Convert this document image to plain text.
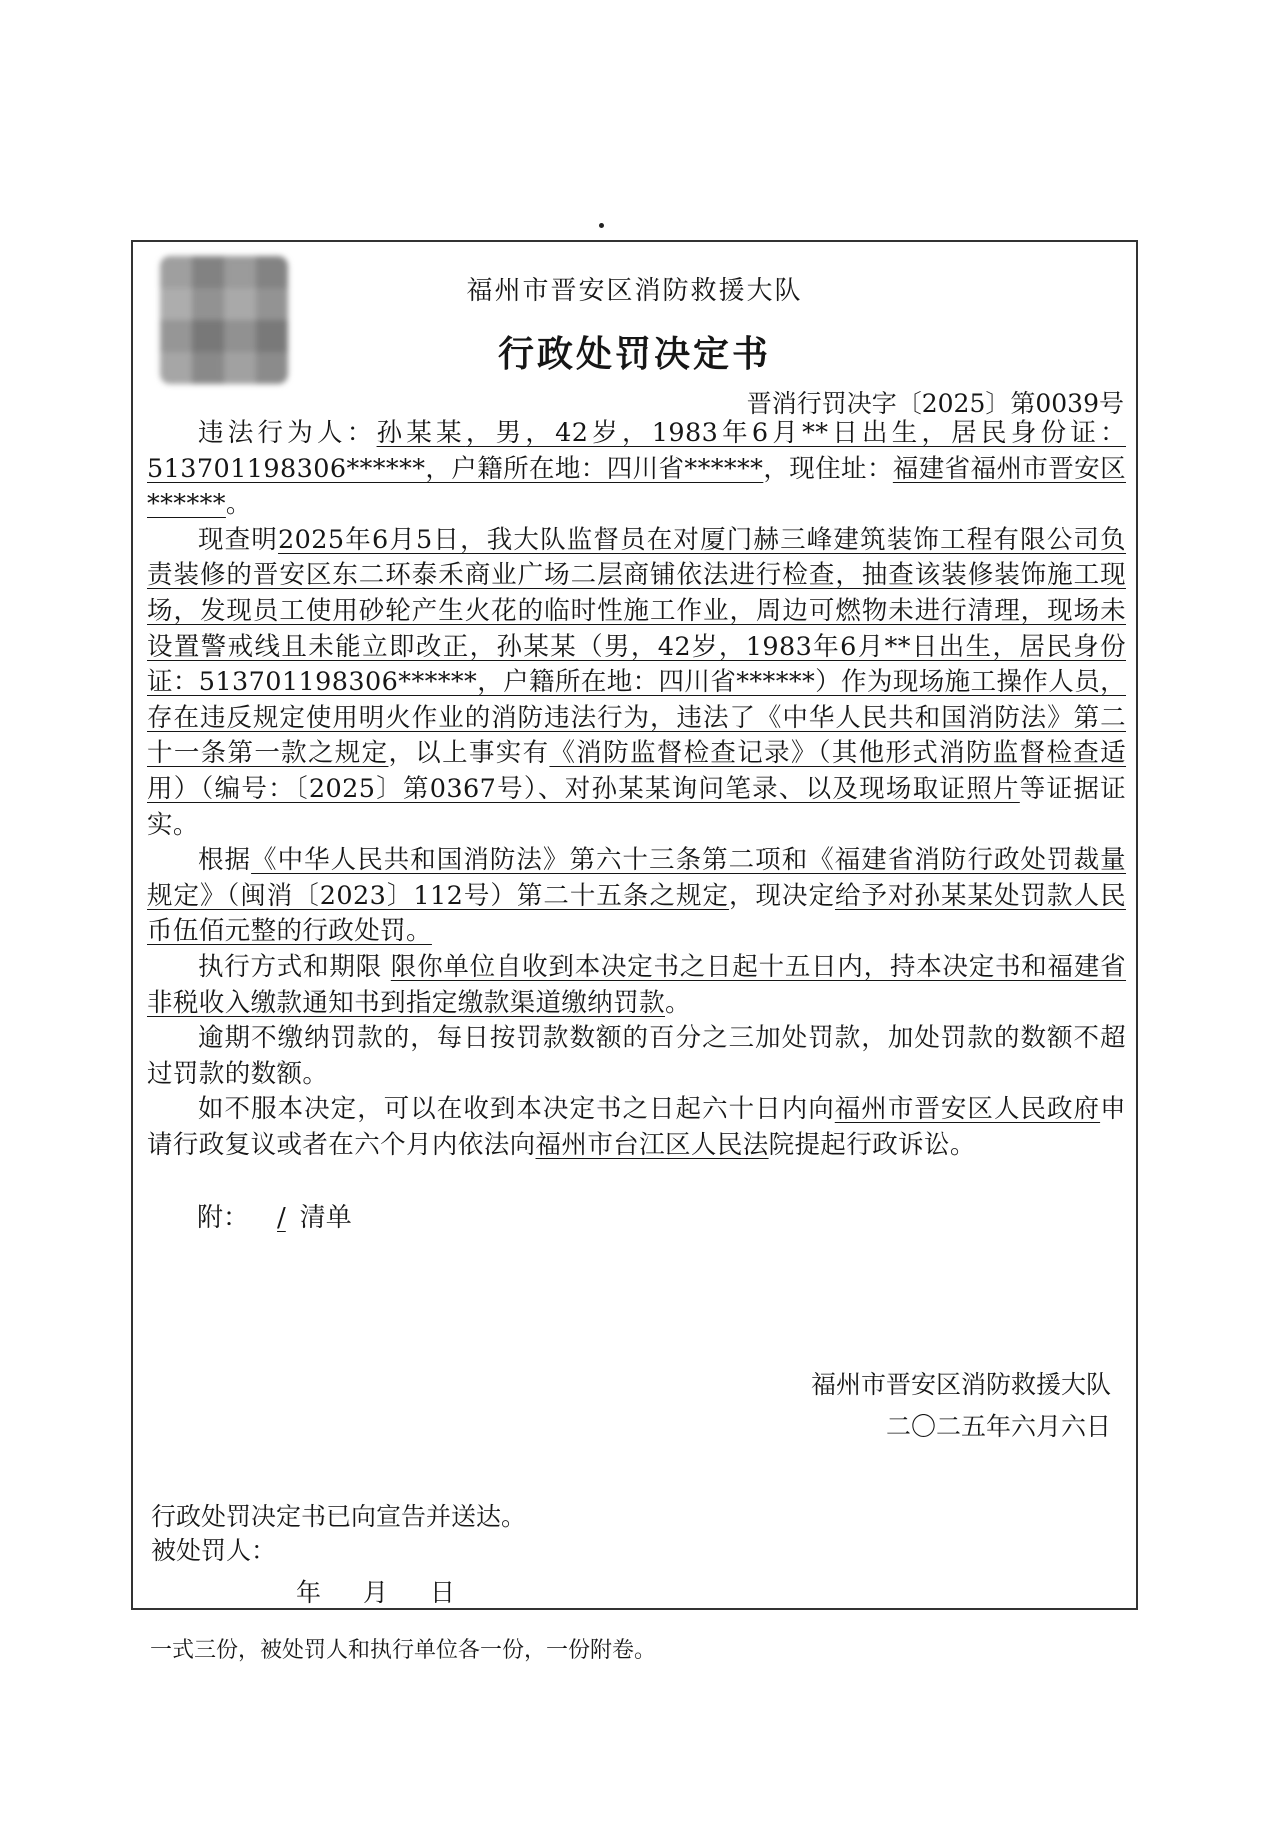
福州市晋安区消防救援大队
行政处罚决定书
晋消行罚决字〔2025〕第0039号

违法行为人：孙某某，男，42岁，1983年6月**日出生，居民身份证：513701198306******，户籍所在地：四川省******，现住址：福建省福州市晋安区******。

现查明2025年6月5日，我大队监督员在对厦门赫三峰建筑装饰工程有限公司负责装修的晋安区东二环泰禾商业广场二层商铺依法进行检查，抽查该装修装饰施工现场，发现员工使用砂轮产生火花的临时性施工作业，周边可燃物未进行清理，现场未设置警戒线且未能立即改正，孙某某（男，42岁，1983年6月**日出生，居民身份证：513701198306******，户籍所在地：四川省******）作为现场施工操作人员，存在违反规定使用明火作业的消防违法行为，违法了《中华人民共和国消防法》第二十一条第一款之规定，以上事实有《消防监督检查记录》（其他形式消防监督检查适用）（编号：〔2025〕第0367号）、对孙某某询问笔录、以及现场取证照片等证据证实。

根据《中华人民共和国消防法》第六十三条第二项和《福建省消防行政处罚裁量规定》（闽消〔2023〕112号）第二十五条之规定，现决定给予对孙某某处罚款人民币伍佰元整的行政处罚。

执行方式和期限 限你单位自收到本决定书之日起十五日内，持本决定书和福建省非税收入缴款通知书到指定缴款渠道缴纳罚款。

逾期不缴纳罚款的，每日按罚款数额的百分之三加处罚款，加处罚款的数额不超过罚款的数额。

如不服本决定，可以在收到本决定书之日起六十日内向福州市晋安区人民政府申请行政复议或者在六个月内依法向福州市台江区人民法院提起行政诉讼。

附： / 清单
福州市晋安区消防救援大队
二〇二五年六月六日
行政处罚决定书已向宣告并送达。
被处罚人：
年 月 日
一式三份，被处罚人和执行单位各一份，一份附卷。
